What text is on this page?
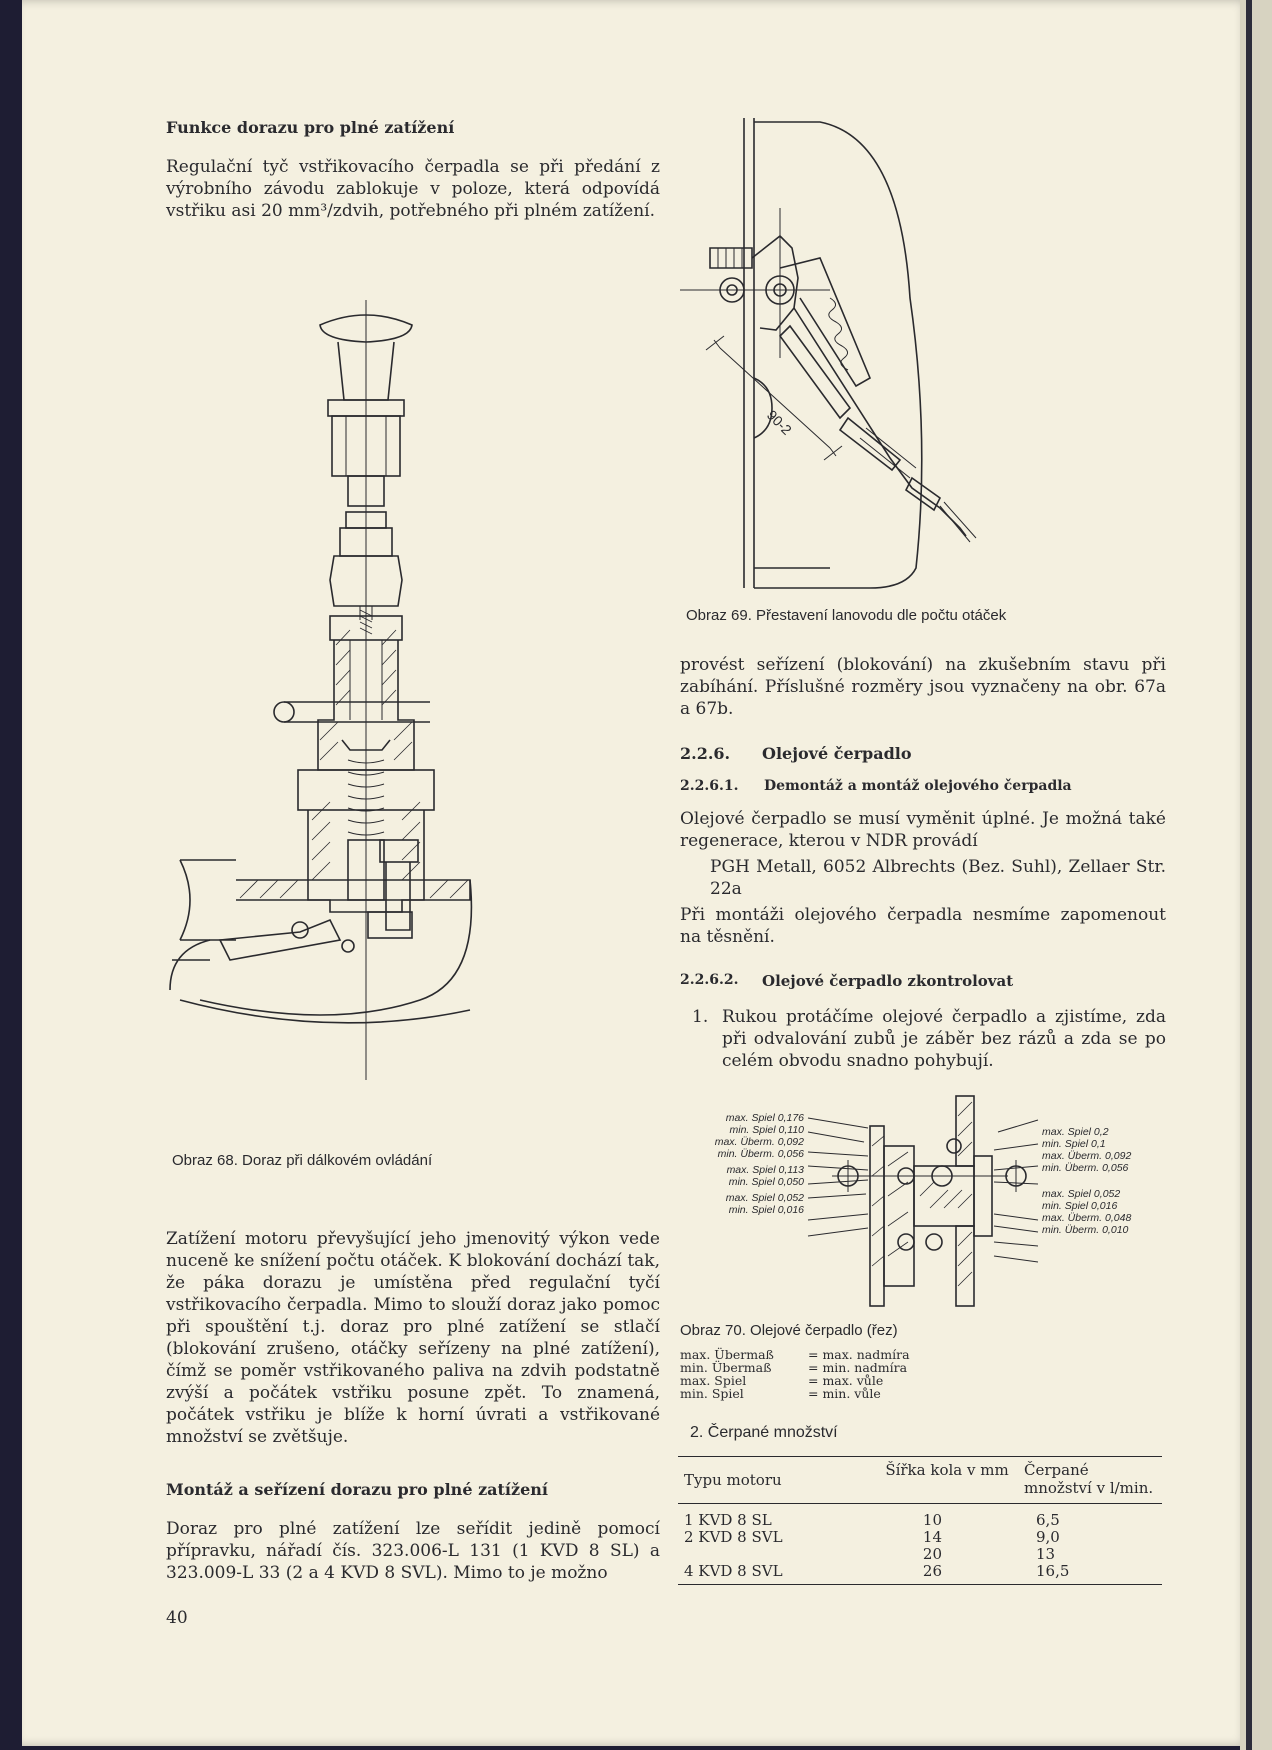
Funkce dorazu pro plné zatížení

Regulační tyč vstřikovacího čerpadla se při předání z výrobního závodu zablokuje v poloze, která odpovídá vstřiku asi 20 mm³/zdvih, potřebného při plném zatížení.

Obraz 68. Doraz při dálkovém ovládání

Zatížení motoru převyšující jeho jmenovitý výkon vede nuceně ke snížení počtu otáček. K blokování dochází tak, že páka dorazu je umístěna před regulační tyčí vstřikovacího čerpadla. Mimo to slouží doraz jako pomoc při spouštění t.j. doraz pro plné zatížení se stlačí (blokování zrušeno, otáčky seřízeny na plné zatížení), čímž se poměr vstřikovaného paliva na zdvih podstatně zvýší a počátek vstřiku posune zpět. To znamená, počátek vstřiku je blíže k horní úvrati a vstřikované množství se zvětšuje.

Montáž a seřízení dorazu pro plné zatížení

Doraz pro plné zatížení lze seřídit jedině pomocí přípravku, nářadí čís. 323.006-L 131 (1 KVD 8 SL) a 323.009-L 33 (2 a 4 KVD 8 SVL). Mimo to je možno

40
90-2
Obraz 69. Přestavení lanovodu dle počtu otáček

provést seřízení (blokování) na zkušebním stavu při zabíhání. Příslušné rozměry jsou vyznačeny na obr. 67a a 67b.

2.2.6. Olejové čerpadlo
2.2.6.1. Demontáž a montáž olejového čerpadla

Olejové čerpadlo se musí vyměnit úplné. Je možná také regenerace, kterou v NDR provádí

PGH Metall, 6052 Albrechts (Bez. Suhl), Zellaer Str. 22a

Při montáži olejového čerpadla nesmíme zapomenout na těsnění.

2.2.6.2. Olejové čerpadlo zkontrolovat
1. Rukou protáčíme olejové čerpadlo a zjistíme, zda při odvalování zubů je záběr bez rázů a zda se po celém obvodu snadno pohybují.

max. Spiel 0,176
min. Spiel 0,110
max. Überm. 0,092
min. Überm. 0,056
max. Spiel 0,113
min. Spiel 0,050
max. Spiel 0,052
min. Spiel 0,016
max. Spiel 0,2
min. Spiel 0,1
max. Überm. 0,092
min. Überm. 0,056
max. Spiel 0,052
min. Spiel 0,016
max. Überm. 0,048
min. Überm. 0,010
Obraz 70. Olejové čerpadlo (řez)
max. Übermaß	= max. nadmíra
min. Übermaß	= min. nadmíra
max. Spiel	= max. vůle
min. Spiel	= min. vůle
2. Čerpané množství
Typu motoru	Šířka kola v mm	Čerpané množství v l/min.
1 KVD 8 SL	10		6,5
2 KVD 8 SVL	14		9,0
	20		13
4 KVD 8 SVL	26		16,5
